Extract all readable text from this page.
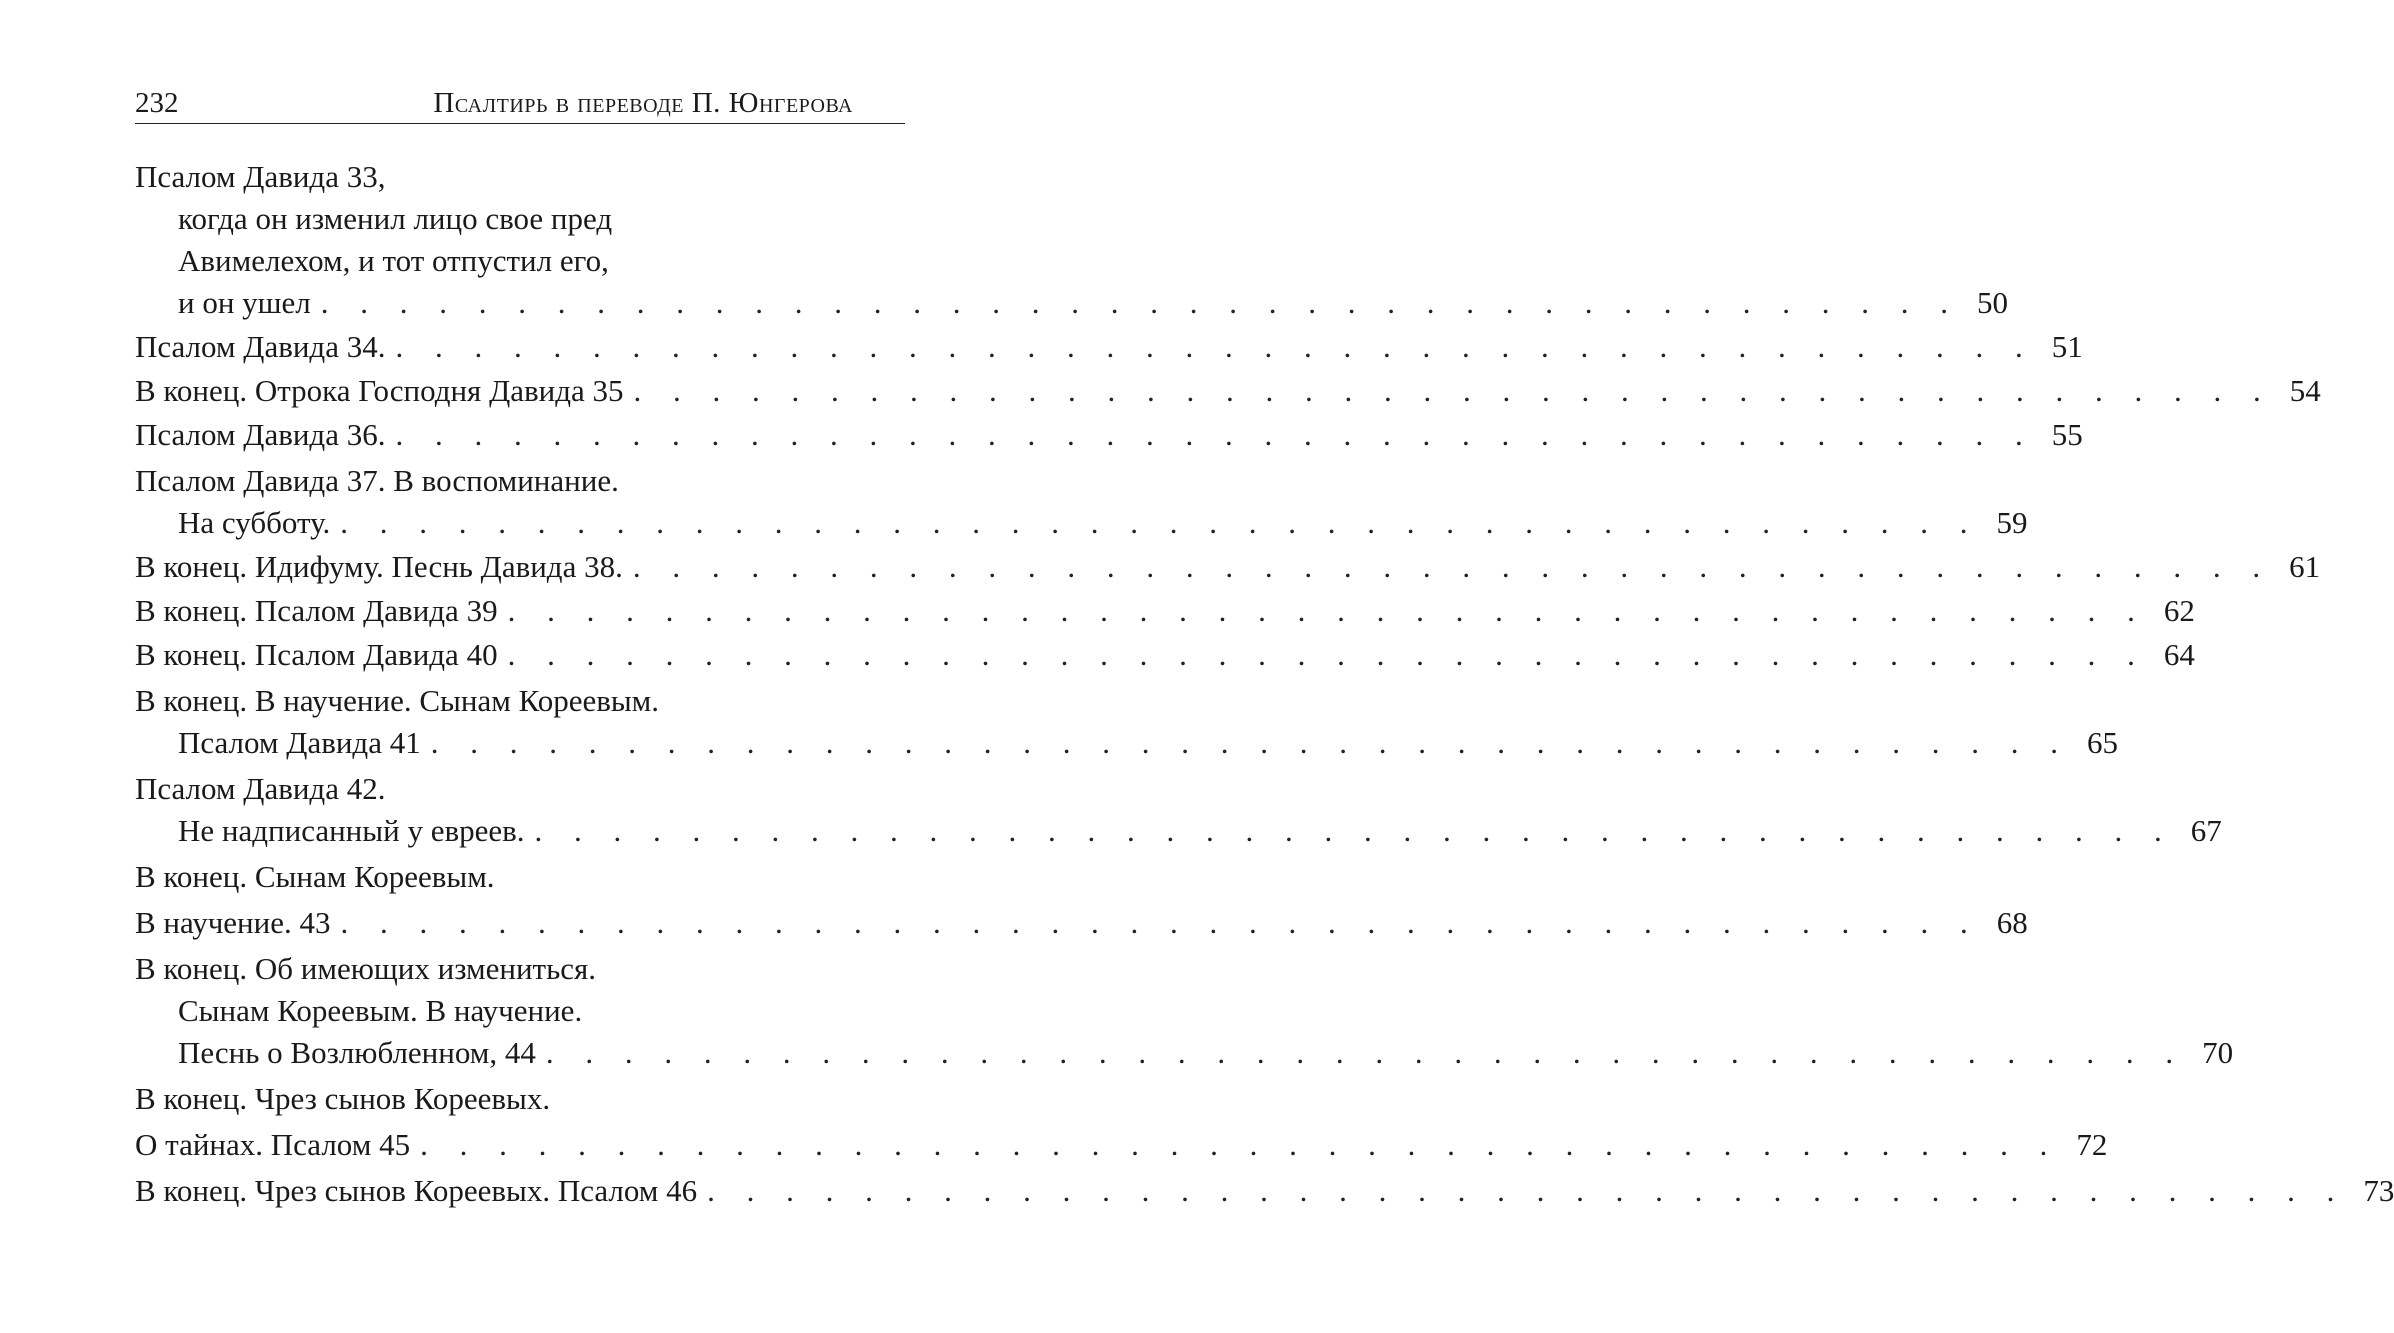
232	Псалтирь в переводе П. Юнгерова
Псалом Давида 33,
когда он изменил лицо свое пред
Авимелехом, и тот отпустил его,
и он ушел . . . . . . . . . . . . . . . . . . . . . . . . . . . . . . . . . . . . . . . . . . 50
Псалом Давида 34. . . . . . . . . . . . . . . . . . . . . . . . . . . . . . . . . . . . . . . . . . . 51
В конец. Отрока Господня Давида 35 . . . . . . . . . . . . . . . . . . . . . . . . . . . . . . . . . . . . . . . . . . 54
Псалом Давида 36. . . . . . . . . . . . . . . . . . . . . . . . . . . . . . . . . . . . . . . . . . . 55
Псалом Давида 37. В воспоминание.
На субботу. . . . . . . . . . . . . . . . . . . . . . . . . . . . . . . . . . . . . . . . . . . 59
В конец. Идифуму. Песнь Давида 38. . . . . . . . . . . . . . . . . . . . . . . . . . . . . . . . . . . . . . . . . . . 61
В конец. Псалом Давида 39 . . . . . . . . . . . . . . . . . . . . . . . . . . . . . . . . . . . . . . . . . . 62
В конец. Псалом Давида 40 . . . . . . . . . . . . . . . . . . . . . . . . . . . . . . . . . . . . . . . . . . 64
В конец. В научение. Сынам Кореевым.
Псалом Давида 41 . . . . . . . . . . . . . . . . . . . . . . . . . . . . . . . . . . . . . . . . . . 65
Псалом Давида 42.
Не надписанный у евреев. . . . . . . . . . . . . . . . . . . . . . . . . . . . . . . . . . . . . . . . . . . 67
В конец. Сынам Кореевым.
В научение. 43 . . . . . . . . . . . . . . . . . . . . . . . . . . . . . . . . . . . . . . . . . . 68
В конец. Об имеющих измениться.
Сынам Кореевым. В научение.
Песнь о Возлюбленном, 44 . . . . . . . . . . . . . . . . . . . . . . . . . . . . . . . . . . . . . . . . . . 70
В конец. Чрез сынов Кореевых.
О тайнах. Псалом 45 . . . . . . . . . . . . . . . . . . . . . . . . . . . . . . . . . . . . . . . . . . 72
В конец. Чрез сынов Кореевых. Псалом 46 . . . . . . . . . . . . . . . . . . . . . . . . . . . . . . . . . . . . . . . . . . 73
